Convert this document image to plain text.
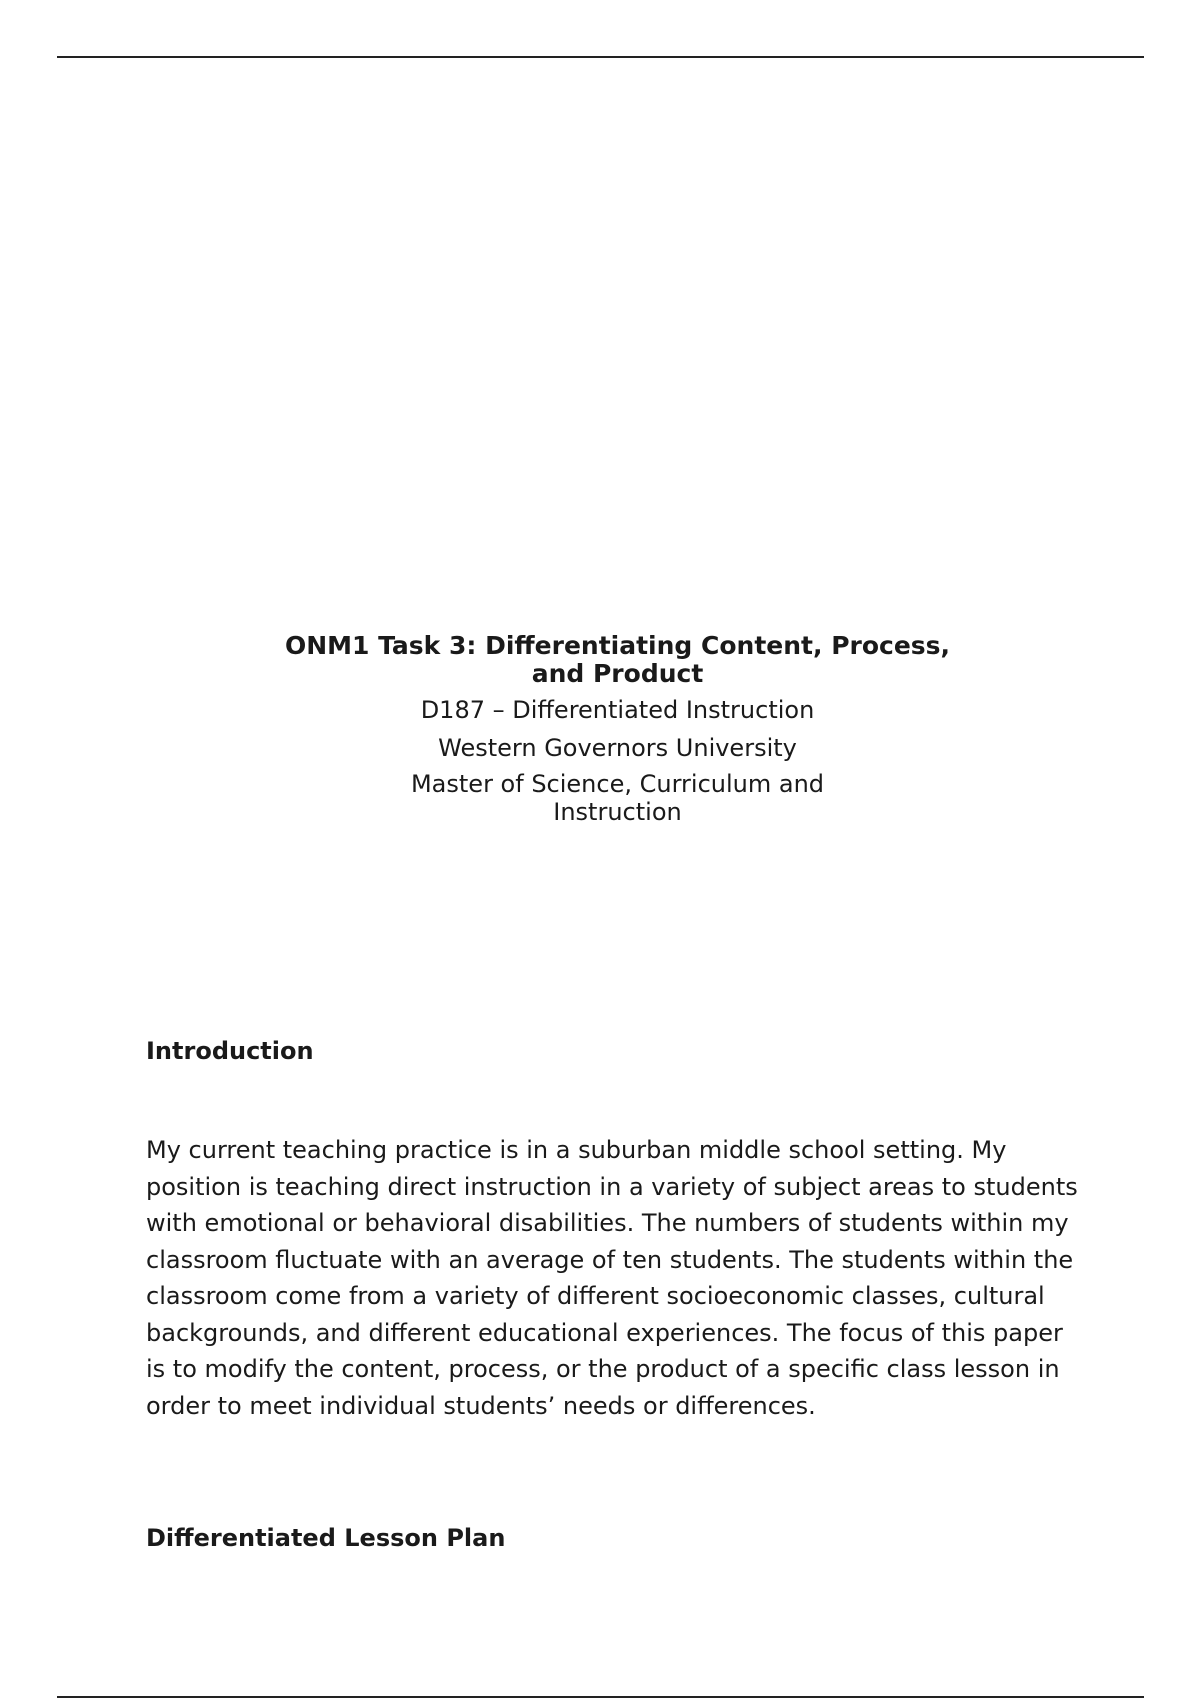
ONM1 Task 3: Differentiating Content, Process, and Product
D187 – Differentiated Instruction
Western Governors University
Master of Science, Curriculum and Instruction
Introduction

My current teaching practice is in a suburban middle school setting. My position is teaching direct instruction in a variety of subject areas to students with emotional or behavioral disabilities. The numbers of students within my classroom fluctuate with an average of ten students. The students within the classroom come from a variety of different socioeconomic classes, cultural backgrounds, and different educational experiences. The focus of this paper is to modify the content, process, or the product of a specific class lesson in order to meet individual students’ needs or differences.

Differentiated Lesson Plan
